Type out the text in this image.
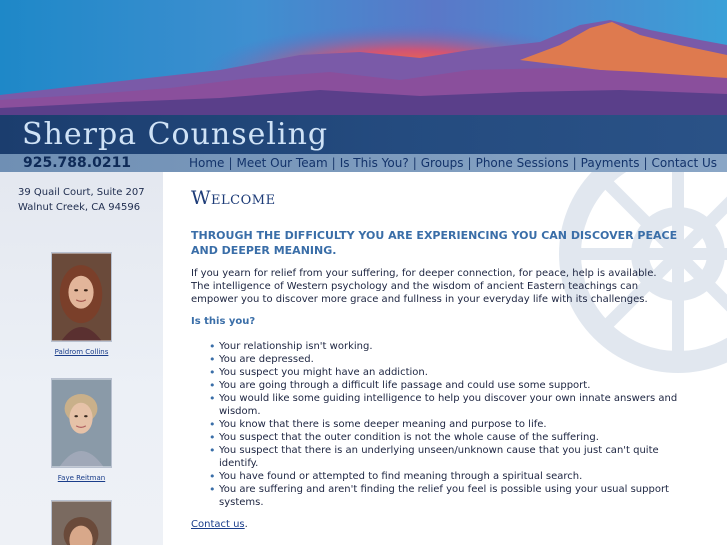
Sherpa Counseling
925.788.0211	Home | Meet Our Team | Is This You? | Groups | Phone Sessions | Payments | Contact Us
39 Quail Court, Suite 207
Walnut Creek, CA 94596
Paldrom Collins
Faye Reitman
Welcome
THROUGH THE DIFFICULTY YOU ARE EXPERIENCING YOU CAN DISCOVER PEACE AND DEEPER MEANING.

If you yearn for relief from your suffering, for deeper connection, for peace, help is available. The intelligence of Western psychology and the wisdom of ancient Eastern teachings can empower you to discover more grace and fullness in your everyday life with its challenges.

Is this you?
• Your relationship isn't working.
• You are depressed.
• You suspect you might have an addiction.
• You are going through a difficult life passage and could use some support.
• You would like some guiding intelligence to help you discover your own innate answers and wisdom.
• You know that there is some deeper meaning and purpose to life.
• You suspect that the outer condition is not the whole cause of the suffering.
• You suspect that there is an underlying unseen/unknown cause that you just can't quite identify.
• You have found or attempted to find meaning through a spiritual search.
• You are suffering and aren't finding the relief you feel is possible using your usual support systems.
Contact us.
